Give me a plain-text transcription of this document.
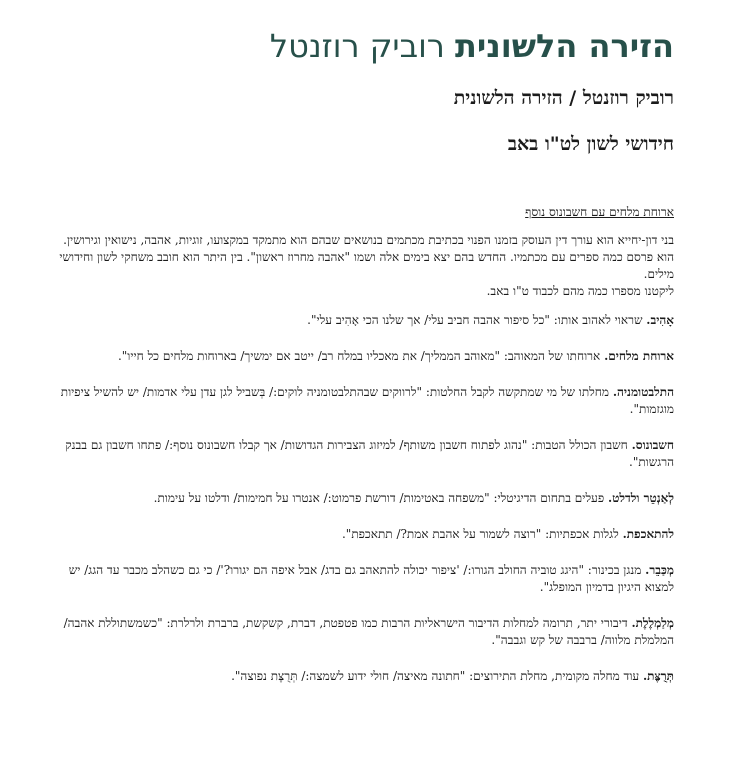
הזירה הלשונית רוביק רוזנטל
רוביק רוזנטל / הזירה הלשונית
חידושי לשון לט"ו באב
ארוחת מלחים עם חשבונוס נוסף

בני דון-יחייא הוא עורך דין העוסק בזמנו הפנוי בכתיבת מכתמים בנושאים שבהם הוא מתמקד במקצועו, זוגיות, אהבה, נישואין וגירושין.

הוא פרסם כמה ספרים עם מכתמיו. החדש בהם יצא בימים אלה ושמו "אהבה מחרוז ראשון". בין היתר הוא חובב משחקי לשון וחידושי מילים.

ליקטנו מספרו כמה מהם לכבוד ט"ו באב.

אָהִיב. שראוי לאהוב אותו: "כל סיפור אהבה חביב עלי/ אך שלנו הכי אָהִיב עלי".

ארוחת מלחים. ארוחתו של המאוהב: "מאוהב הממליך/ את מאכליו במלח רב/ ייטב אם ימשיך/ בארוחות מלחים כל חייו".

התלבטומניה. מחלתו של מי שמתקשה לקבל החלטות: "לרווקים שבהתלבטומניה לוקים:/ בְּשביל לגן עדן עלי אדמות/ יש להשיל ציפיות מוגזמות".

חשבונוס. חשבון הכולל הטבות: "נהוג לפתוח חשבון משותף/ למיזוג הצבירות הגדושות/ אך קבלו חשבונוס נוסף:/ פתחו חשבון גם בבנק הרגשות".

לְאַנְטֵר ולדלט. פעלים בתחום הדיגיטלי: "משפחה באטימות/ דורשת פרמוט:/ אנטרו על חמימות/ ודלטו על עימות.

להתאכפת. לגלות אכפתיות: "רוצה לשמור על אהבת אמת?/ תתאכפת".

מְכַּבֵר. מנגן בכינור: "היגג טוביה החולב הגורו:/ 'ציפור יכולה להתאהב גם בדג/ אבל איפה הם יגורו?'/ כי גם כשהלב מכבר עד הגג/ יש למצוא היגיון בדמיון המופלג".

מְלַמְלֶלֶת. דיבורי יתר, תרומה למחלות הדיבור הישראליות הרבות כמו פטפטת, דברת, קשקשת, ברברת ולרלרת: "כשמשתוללת אהבה/ המלמלת מלווה/ ברבבה של קש וגבבה".

תְּרֻצֶּת. עוד מחלה מקומית, מחלת התירוצים: "חתונה מאיצה/ חולי ידוע לשמצה:/ תְּרֻצֶּת נפוצה".
